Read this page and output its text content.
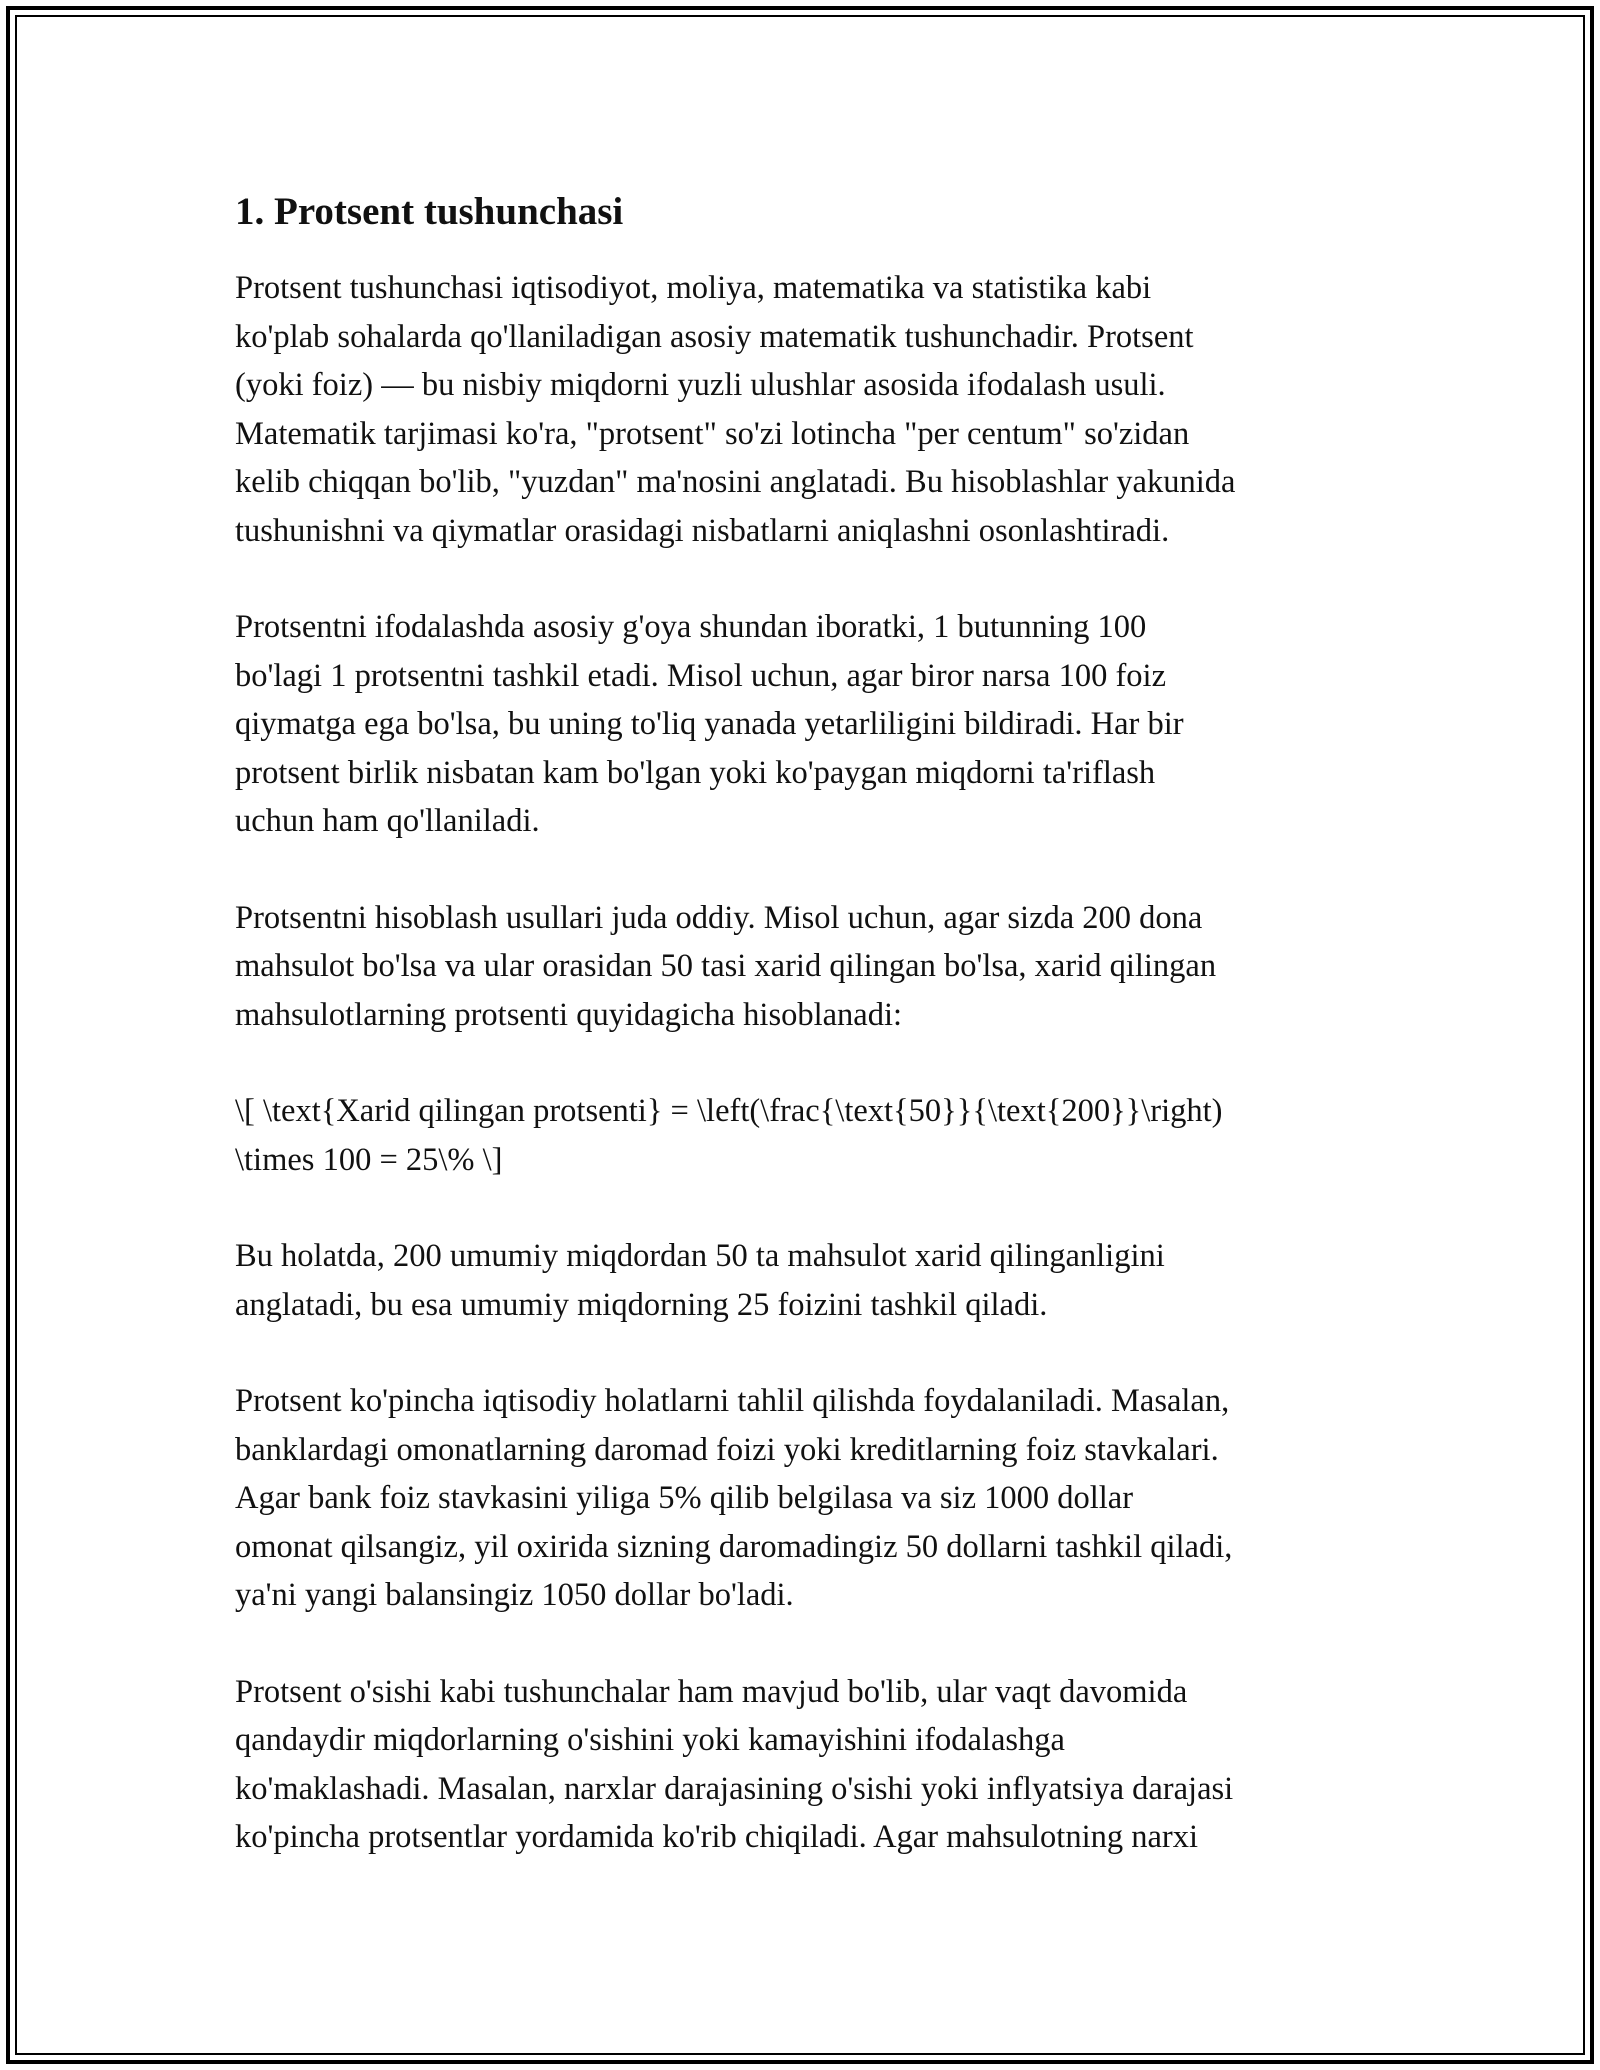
1. Protsent tushunchasi

Protsent tushunchasi iqtisodiyot, moliya, matematika va statistika kabi
ko'plab sohalarda qo'llaniladigan asosiy matematik tushunchadir. Protsent
(yoki foiz) — bu nisbiy miqdorni yuzli ulushlar asosida ifodalash usuli.
Matematik tarjimasi ko'ra, "protsent" so'zi lotincha "per centum" so'zidan
kelib chiqqan bo'lib, "yuzdan" ma'nosini anglatadi. Bu hisoblashlar yakunida
tushunishni va qiymatlar orasidagi nisbatlarni aniqlashni osonlashtiradi.

Protsentni ifodalashda asosiy g'oya shundan iboratki, 1 butunning 100
bo'lagi 1 protsentni tashkil etadi. Misol uchun, agar biror narsa 100 foiz
qiymatga ega bo'lsa, bu uning to'liq yanada yetarliligini bildiradi. Har bir
protsent birlik nisbatan kam bo'lgan yoki ko'paygan miqdorni ta'riflash
uchun ham qo'llaniladi.

Protsentni hisoblash usullari juda oddiy. Misol uchun, agar sizda 200 dona
mahsulot bo'lsa va ular orasidan 50 tasi xarid qilingan bo'lsa, xarid qilingan
mahsulotlarning protsenti quyidagicha hisoblanadi:

\[ \text{Xarid qilingan protsenti} = \left(\frac{\text{50}}{\text{200}}\right)
\times 100 = 25\% \]

Bu holatda, 200 umumiy miqdordan 50 ta mahsulot xarid qilinganligini
anglatadi, bu esa umumiy miqdorning 25 foizini tashkil qiladi.

Protsent ko'pincha iqtisodiy holatlarni tahlil qilishda foydalaniladi. Masalan,
banklardagi omonatlarning daromad foizi yoki kreditlarning foiz stavkalari.
Agar bank foiz stavkasini yiliga 5% qilib belgilasa va siz 1000 dollar
omonat qilsangiz, yil oxirida sizning daromadingiz 50 dollarni tashkil qiladi,
ya'ni yangi balansingiz 1050 dollar bo'ladi.

Protsent o'sishi kabi tushunchalar ham mavjud bo'lib, ular vaqt davomida
qandaydir miqdorlarning o'sishini yoki kamayishini ifodalashga
ko'maklashadi. Masalan, narxlar darajasining o'sishi yoki inflyatsiya darajasi
ko'pincha protsentlar yordamida ko'rib chiqiladi. Agar mahsulotning narxi
